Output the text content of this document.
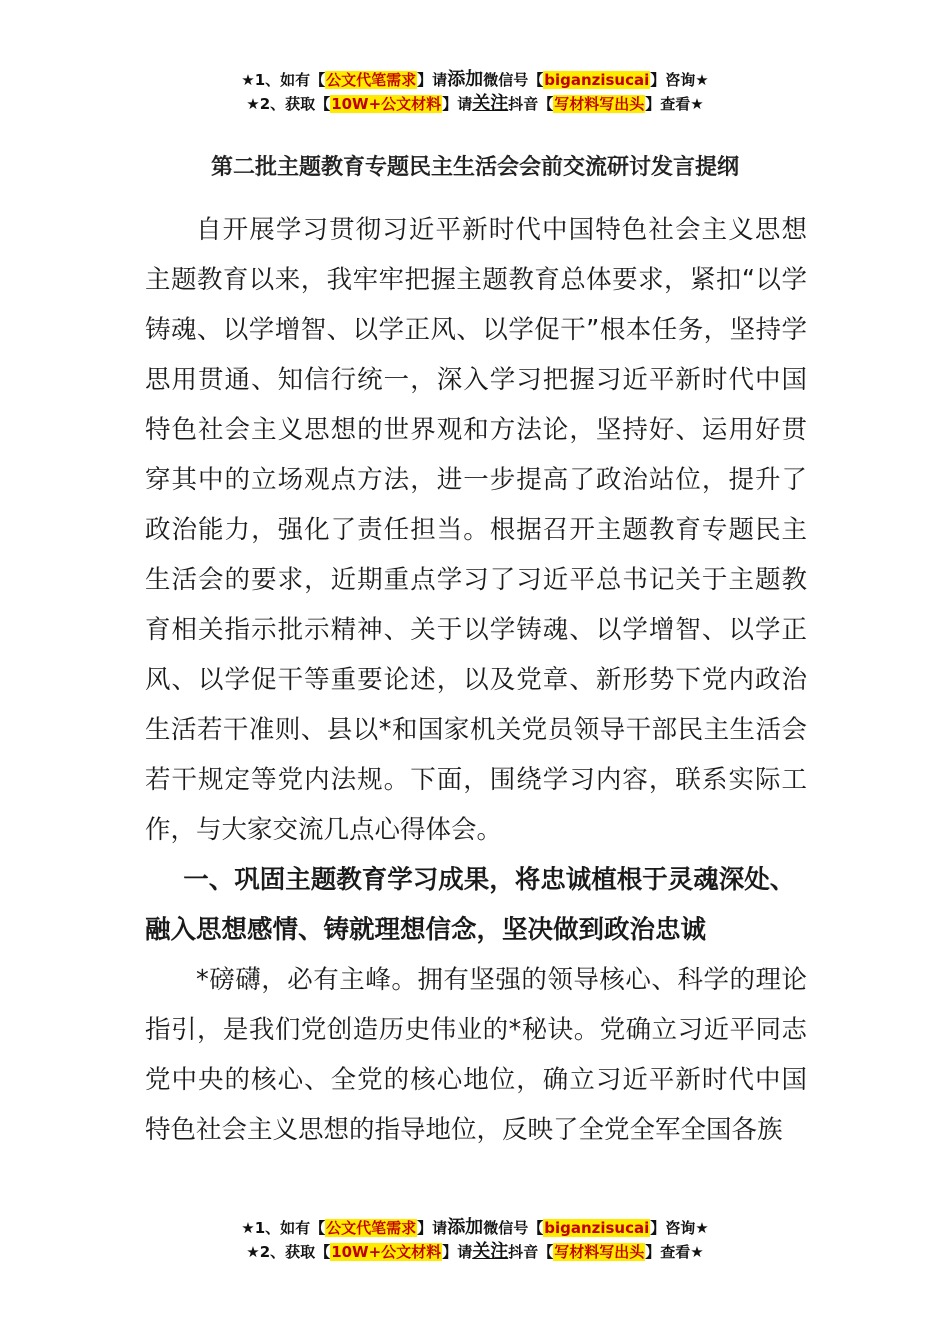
★1、如有【公文代笔需求】请添加微信号【biganzisucai】咨询★
★2、获取【10W+公文材料】请关注抖音【写材料写出头】查看★
第二批主题教育专题民主生活会会前交流研讨发言提纲

自开展学习贯彻习近平新时代中国特色社会主义思想主题教育以来，我牢牢把握主题教育总体要求，紧扣“以学铸魂、以学增智、以学正风、以学促干”根本任务，坚持学思用贯通、知信行统一，深入学习把握习近平新时代中国特色社会主义思想的世界观和方法论，坚持好、运用好贯穿其中的立场观点方法，进一步提高了政治站位，提升了政治能力，强化了责任担当。根据召开主题教育专题民主生活会的要求，近期重点学习了习近平总书记关于主题教育相关指示批示精神、关于以学铸魂、以学增智、以学正风、以学促干等重要论述，以及党章、新形势下党内政治生活若干准则、县以*和国家机关党员领导干部民主生活会若干规定等党内法规。下面，围绕学习内容，联系实际工作，与大家交流几点心得体会。

一、巩固主题教育学习成果，将忠诚植根于灵魂深处、融入思想感情、铸就理想信念，坚决做到政治忠诚

*磅礴，必有主峰。拥有坚强的领导核心、科学的理论指引，是我们党创造历史伟业的*秘诀。党确立习近平同志党中央的核心、全党的核心地位，确立习近平新时代中国特色社会主义思想的指导地位，反映了全党全军全国各族

★1、如有【公文代笔需求】请添加微信号【biganzisucai】咨询★
★2、获取【10W+公文材料】请关注抖音【写材料写出头】查看★
